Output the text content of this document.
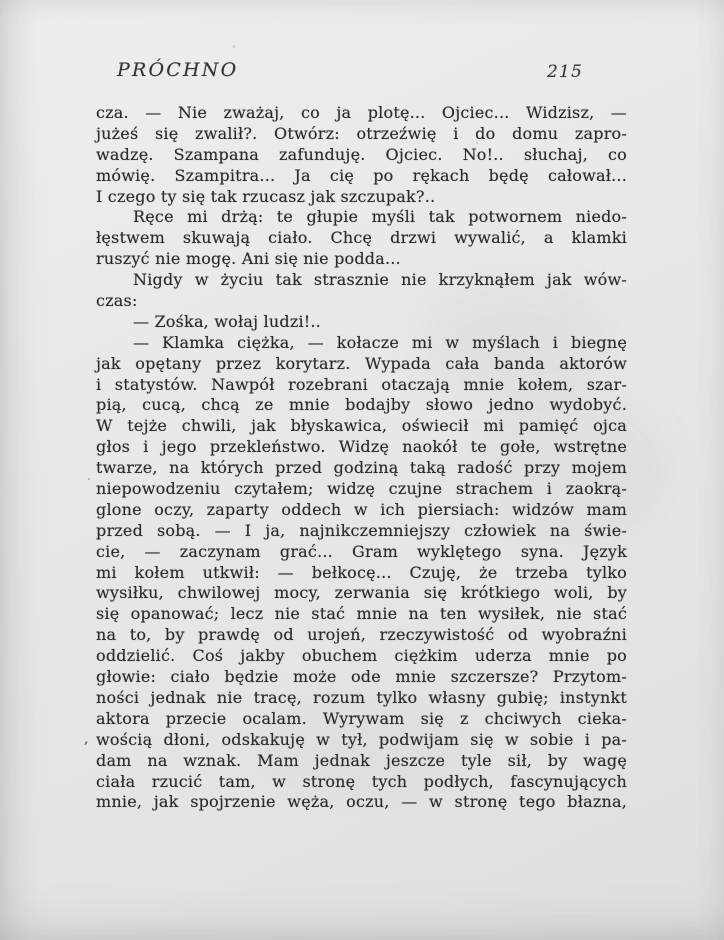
PRÓCHNO	215
cza. — Nie zważaj, co ja plotę... Ojciec... Widzisz, —
jużeś się zwalił?. Otwórz: otrzeźwię i do domu zapro-
wadzę. Szampana zafunduję. Ojciec. No!.. słuchaj, co
mówię. Szampitra... Ja cię po rękach będę całował...
I czego ty się tak rzucasz jak szczupak?..
Ręce mi drżą: te głupie myśli tak potwornem niedo-
łęstwem skuwają ciało. Chcę drzwi wywalić, a klamki
ruszyć nie mogę. Ani się nie podda...
Nigdy w życiu tak strasznie nie krzyknąłem jak wów-
czas:
— Zośka, wołaj ludzi!..
— Klamka ciężka, — kołacze mi w myślach i biegnę
jak opętany przez korytarz. Wypada cała banda aktorów
i statystów. Nawpół rozebrani otaczają mnie kołem, szar-
pią, cucą, chcą ze mnie bodajby słowo jedno wydobyć.
W tejże chwili, jak błyskawica, oświecił mi pamięć ojca
głos i jego przekleństwo. Widzę naokół te gołe, wstrętne
twarze, na których przed godziną taką radość przy mojem
niepowodzeniu czytałem; widzę czujne strachem i zaokrą-
glone oczy, zaparty oddech w ich piersiach: widzów mam
przed sobą. — I ja, najnikczemniejszy człowiek na świe-
cie, — zaczynam grać... Gram wyklętego syna. Język
mi kołem utkwił: — bełkocę... Czuję, że trzeba tylko
wysiłku, chwilowej mocy, zerwania się krótkiego woli, by
się opanować; lecz nie stać mnie na ten wysiłek, nie stać
na to, by prawdę od urojeń, rzeczywistość od wyobraźni
oddzielić. Coś jakby obuchem ciężkim uderza mnie po
głowie: ciało będzie może ode mnie szczersze? Przytom-
ności jednak nie tracę, rozum tylko własny gubię; instynkt
aktora przecie ocalam. Wyrywam się z chciwych cieka-
wością dłoni, odskakuję w tył, podwijam się w sobie i pa-
dam na wznak. Mam jednak jeszcze tyle sił, by wagę
ciała rzucić tam, w stronę tych podłych, fascynujących
mnie, jak spojrzenie węża, oczu, — w stronę tego błazna,
,
